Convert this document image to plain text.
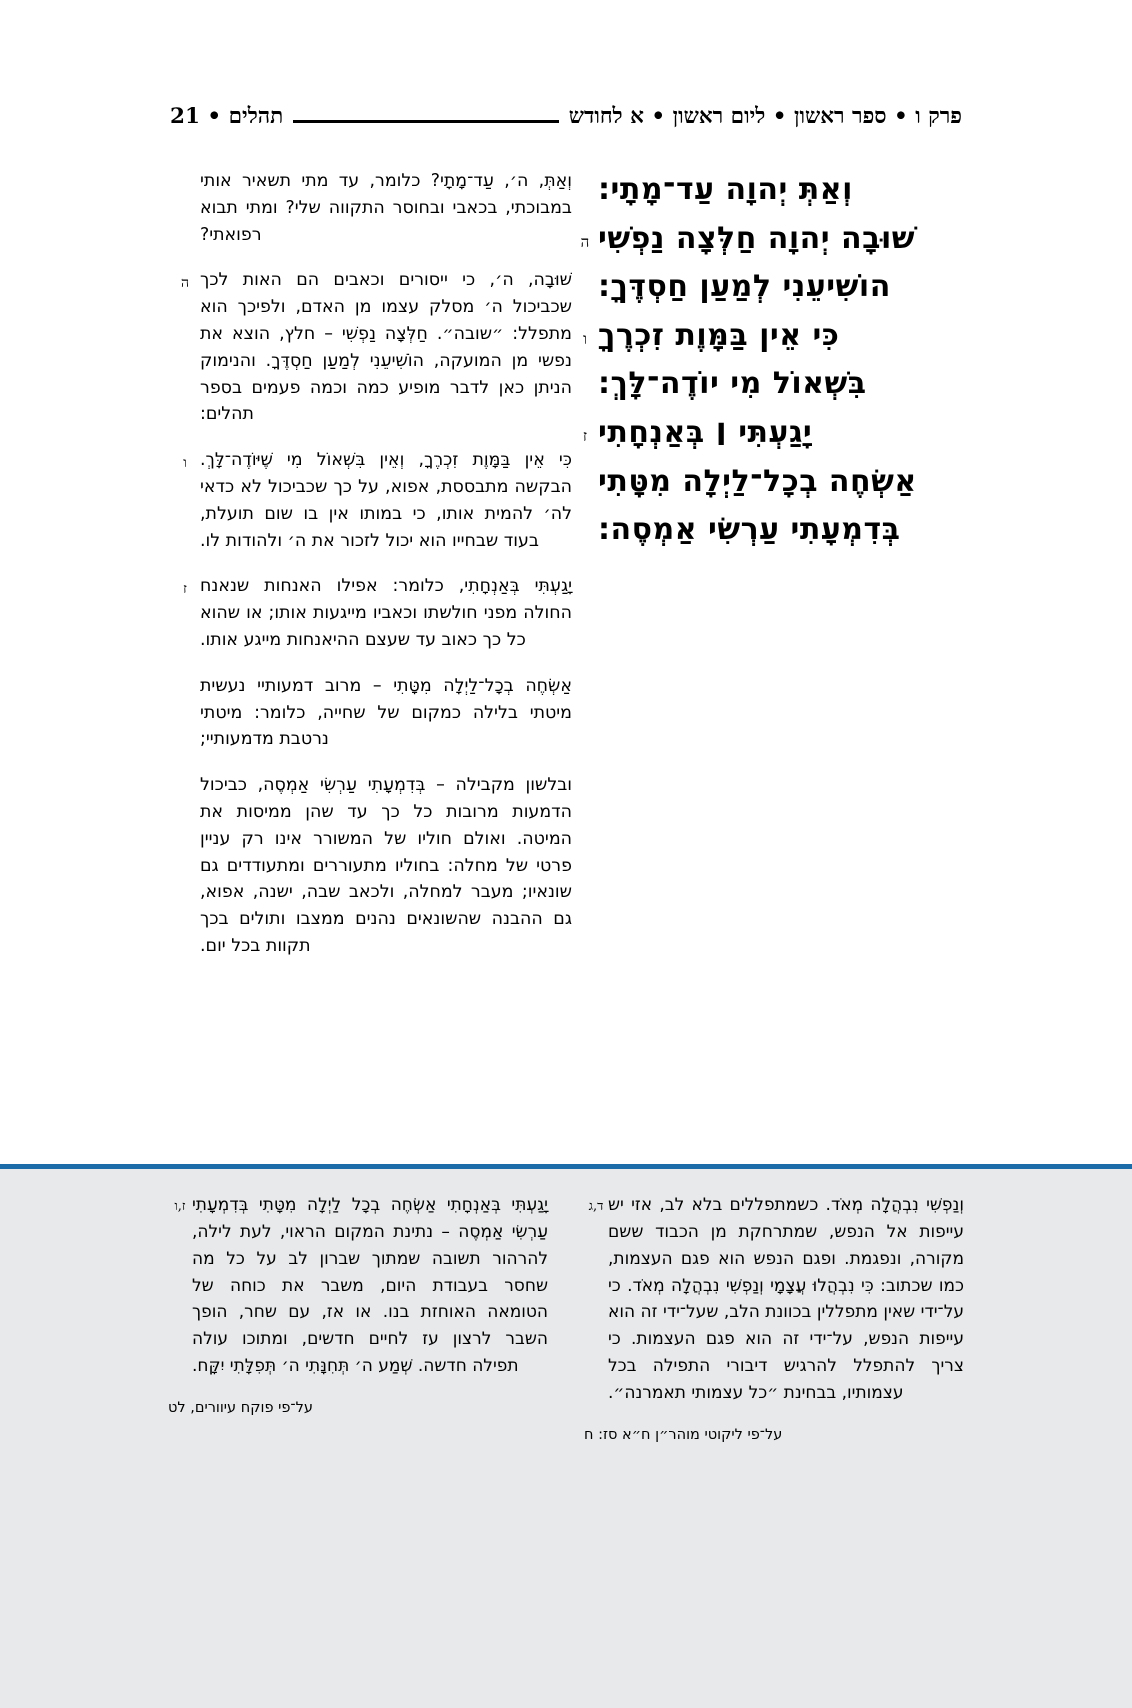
פרק ו • ספר ראשון • ליום ראשון • א לחודש
תהלים • 21
וְאַתְּ יְהוָה עַד־מָתָי:
ה שׁוּבָה יְהוָה חַלְּצָה נַפְשִׁי
הוֹשִׁיעֵנִי לְמַעַן חַסְדֶּךָ:
ו כִּי אֵין בַּמָּוֶת זִכְרֶךָ
בִּשְׁאוֹל מִי יוֹדֶה־לָּךְ:
ז יָגַעְתִּי ׀ בְּאַנְחָתִי
אַשְׂחֶה בְכָל־לַיְלָה מִטָּתִי
בְּדִמְעָתִי עַרְשִׂי אַמְסֶה:
וְאַתְּ, ה׳, עַד־מָתָי? כלומר, עד מתי תשאיר אותי במבוכתי, בכאבי ובחוסר התקווה שלי? ומתי תבוא רפואתי?
ה שׁוּבָה, ה׳, כי ייסורים וכאבים הם האות לכך שכביכול ה׳ מסלק עצמו מן האדם, ולפיכך הוא מתפלל: ״שובה״. חַלְּצָה נַפְשִׁי – חלץ, הוצא את נפשי מן המועקה, הוֹשִׁיעֵנִי לְמַעַן חַסְדֶּךָ. והנימוק הניתן כאן לדבר מופיע כמה וכמה פעמים בספר תהלים:
ו כִּי אֵין בַּמָּוֶת זִכְרֶךָ, וְאֵין בִּשְׁאוֹל מִי שֶׁיּוֹדֶה־לָּךְ. הבקשה מתבססת, אפוא, על כך שכביכול לא כדאי לה׳ להמית אותו, כי במותו אין בו שום תועלת, בעוד שבחייו הוא יכול לזכור את ה׳ ולהודות לו.
ז יָגַעְתִּי בְּאַנְחָתִי, כלומר: אפילו האנחות שנאנח החולה מפני חולשתו וכאביו מייגעות אותו; או שהוא כל כך כאוב עד שעצם ההיאנחות מייגע אותו.
אַשְׂחֶה בְכָל־לַיְלָה מִטָּתִי – מרוב דמעותיי נעשית מיטתי בלילה כמקום של שחייה, כלומר: מיטתי נרטבת מדמעותיי;
ובלשון מקבילה – בְּדִמְעָתִי עַרְשִׂי אַמְסֶה, כביכול הדמעות מרובות כל כך עד שהן ממיסות את המיטה. ואולם חוליו של המשורר אינו רק עניין פרטי של מחלה: בחוליו מתעוררים ומתעודדים גם שונאיו; מעבר למחלה, ולכאב שבה, ישנה, אפוא, גם ההבנה שהשונאים נהנים ממצבו ותולים בכך תקוות בכל יום.
ד,ג וְנַפְשִׁי נִבְהֲלָה מְאֹד. כשמתפללים בלא לב, אזי יש עייפות אל הנפש, שמתרחקת מן הכבוד ששם מקורה, ונפגמת. ופגם הנפש הוא פגם העצמות, כמו שכתוב: כִּי נִבְהֲלוּ עֲצָמָי וְנַפְשִׁי נִבְהֲלָה מְאֹד. כי על־ידי שאין מתפללין בכוונת הלב, שעל־ידי זה הוא עייפות הנפש, על־ידי זה הוא פגם העצמות. כי צריך להתפלל להרגיש דיבורי התפילה בכל עצמותיו, בבחינת ״כל עצמותי תאמרנה״.
על־פי ליקוטי מוהר״ן ח״א סז: ח
ז,ו יָגַעְתִּי בְּאַנְחָתִי אַשְׂחֶה בְכָל לַיְלָה מִטָּתִי בְּדִמְעָתִי עַרְשִׂי אַמְסֶה – נתינת המקום הראוי, לעת לילה, להרהור תשובה שמתוך שברון לב על כל מה שחסר בעבודת היום, משבר את כוחה של הטומאה האוחזת בנו. או אז, עם שחר, הופך השבר לרצון עז לחיים חדשים, ומתוכו עולה תפילה חדשה. שְׁמַע ה׳ תְּחִנָּתִי ה׳ תְּפִלָּתִי יִקָּח.
על־פי פוקח עיוורים, לט
